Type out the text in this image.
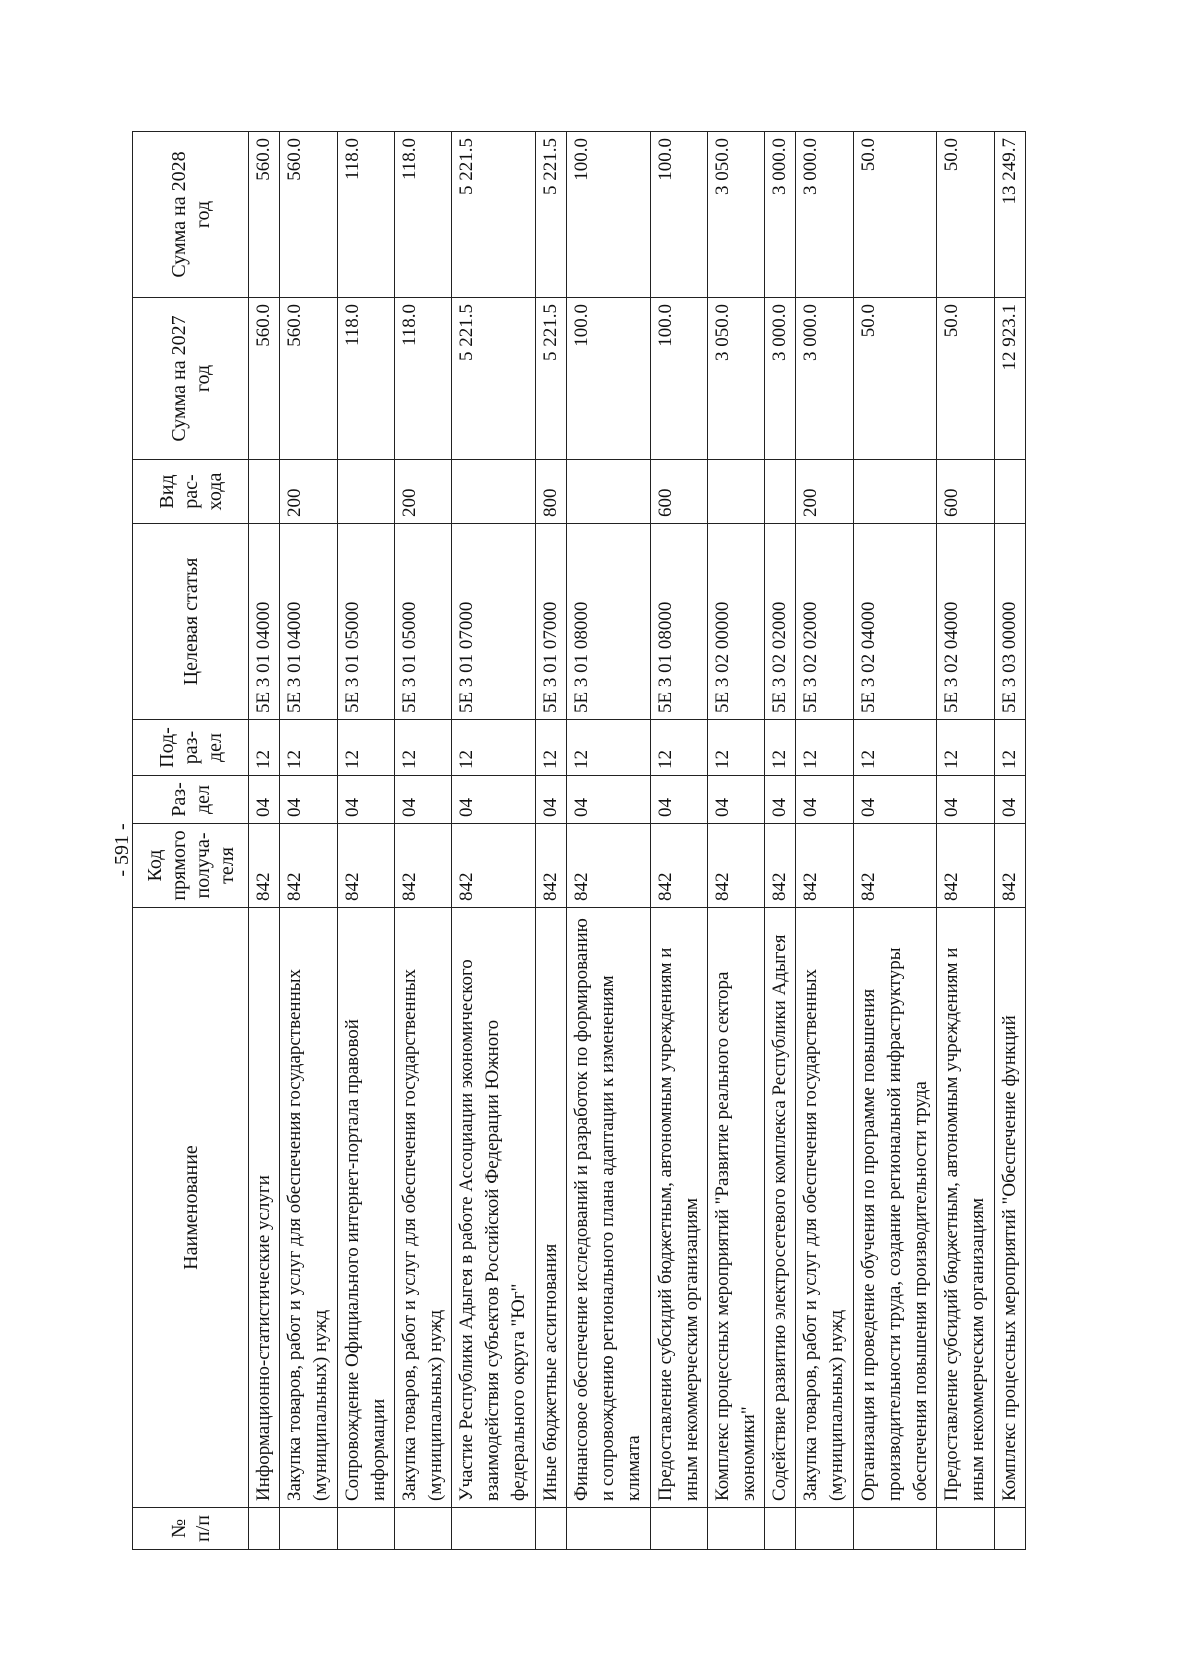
- 591 -
№ п/п	Наименование	Код прямого получа-теля	Раз-дел	Под-раз-дел	Целевая статья	Вид рас-хода	Сумма на 2027 год	Сумма на 2028 год
	Информационно-статистические услуги	842	04	12	5Е 3 01 04000		560.0	560.0
	Закупка товаров, работ и услуг для обеспечения государственных (муниципальных) нужд	842	04	12	5Е 3 01 04000	200	560.0	560.0
	Сопровождение Официального интернет-портала правовой информации	842	04	12	5Е 3 01 05000		118.0	118.0
	Закупка товаров, работ и услуг для обеспечения государственных (муниципальных) нужд	842	04	12	5Е 3 01 05000	200	118.0	118.0
	Участие Республики Адыгея в работе Ассоциации экономического взаимодействия субъектов Российской Федерации Южного федерального округа "Юг"	842	04	12	5Е 3 01 07000		5 221.5	5 221.5
	Иные бюджетные ассигнования	842	04	12	5Е 3 01 07000	800	5 221.5	5 221.5
	Финансовое обеспечение исследований и разработок по формированию и сопровождению регионального плана адаптации к изменениям климата	842	04	12	5Е 3 01 08000		100.0	100.0
	Предоставление субсидий бюджетным, автономным учреждениям и иным некоммерческим организациям	842	04	12	5Е 3 01 08000	600	100.0	100.0
	Комплекс процессных мероприятий "Развитие реального сектора экономики"	842	04	12	5Е 3 02 00000		3 050.0	3 050.0
	Содействие развитию электросетевого комплекса Республики Адыгея	842	04	12	5Е 3 02 02000		3 000.0	3 000.0
	Закупка товаров, работ и услуг для обеспечения государственных (муниципальных) нужд	842	04	12	5Е 3 02 02000	200	3 000.0	3 000.0
	Организация и проведение обучения по программе повышения производительности труда, создание региональной инфраструктуры обеспечения повышения производительности труда	842	04	12	5Е 3 02 04000		50.0	50.0
	Предоставление субсидий бюджетным, автономным учреждениям и иным некоммерческим организациям	842	04	12	5Е 3 02 04000	600	50.0	50.0
	Комплекс процессных мероприятий "Обеспечение функций	842	04	12	5Е 3 03 00000		12 923.1	13 249.7
